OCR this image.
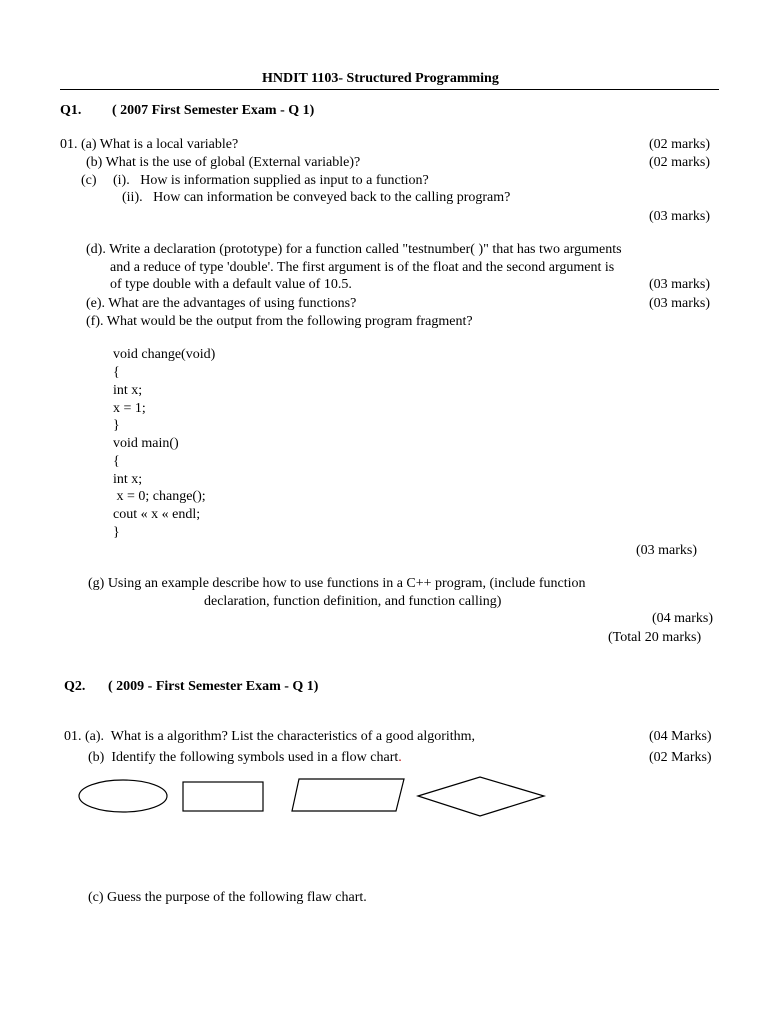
HNDIT 1103- Structured Programming
Q1. ( 2007 First Semester Exam - Q 1)
01. (a) What is a local variable?	(02 marks)
(b) What is the use of global (External variable)?	(02 marks)
(c) (i).   How is information supplied as input to a function?
(ii).   How can information be conveyed back to the calling program?
(03 marks)
(d). Write a declaration (prototype) for a function called "testnumber( )" that has two arguments
and a reduce of type 'double'. The first argument is of the float and the second argument is
of type double with a default value of 10.5.	(03 marks)
(e). What are the advantages of using functions?	(03 marks)
(f). What would be the output from the following program fragment?
void change(void)
{
int x;
x = 1;
}
void main()
{
int x;
x = 0; change();
cout « x « endl;
}
(03 marks)
(g) Using an example describe how to use functions in a C++ program, (include function
declaration, function definition, and function calling)
(04 marks)
(Total 20 marks)
Q2. ( 2009 - First Semester Exam - Q 1)
01. (a).  What is a algorithm? List the characteristics of a good algorithm,	(04 Marks)
(b)  Identify the following symbols used in a flow chart.	(02 Marks)
(c) Guess the purpose of the following flaw chart.
